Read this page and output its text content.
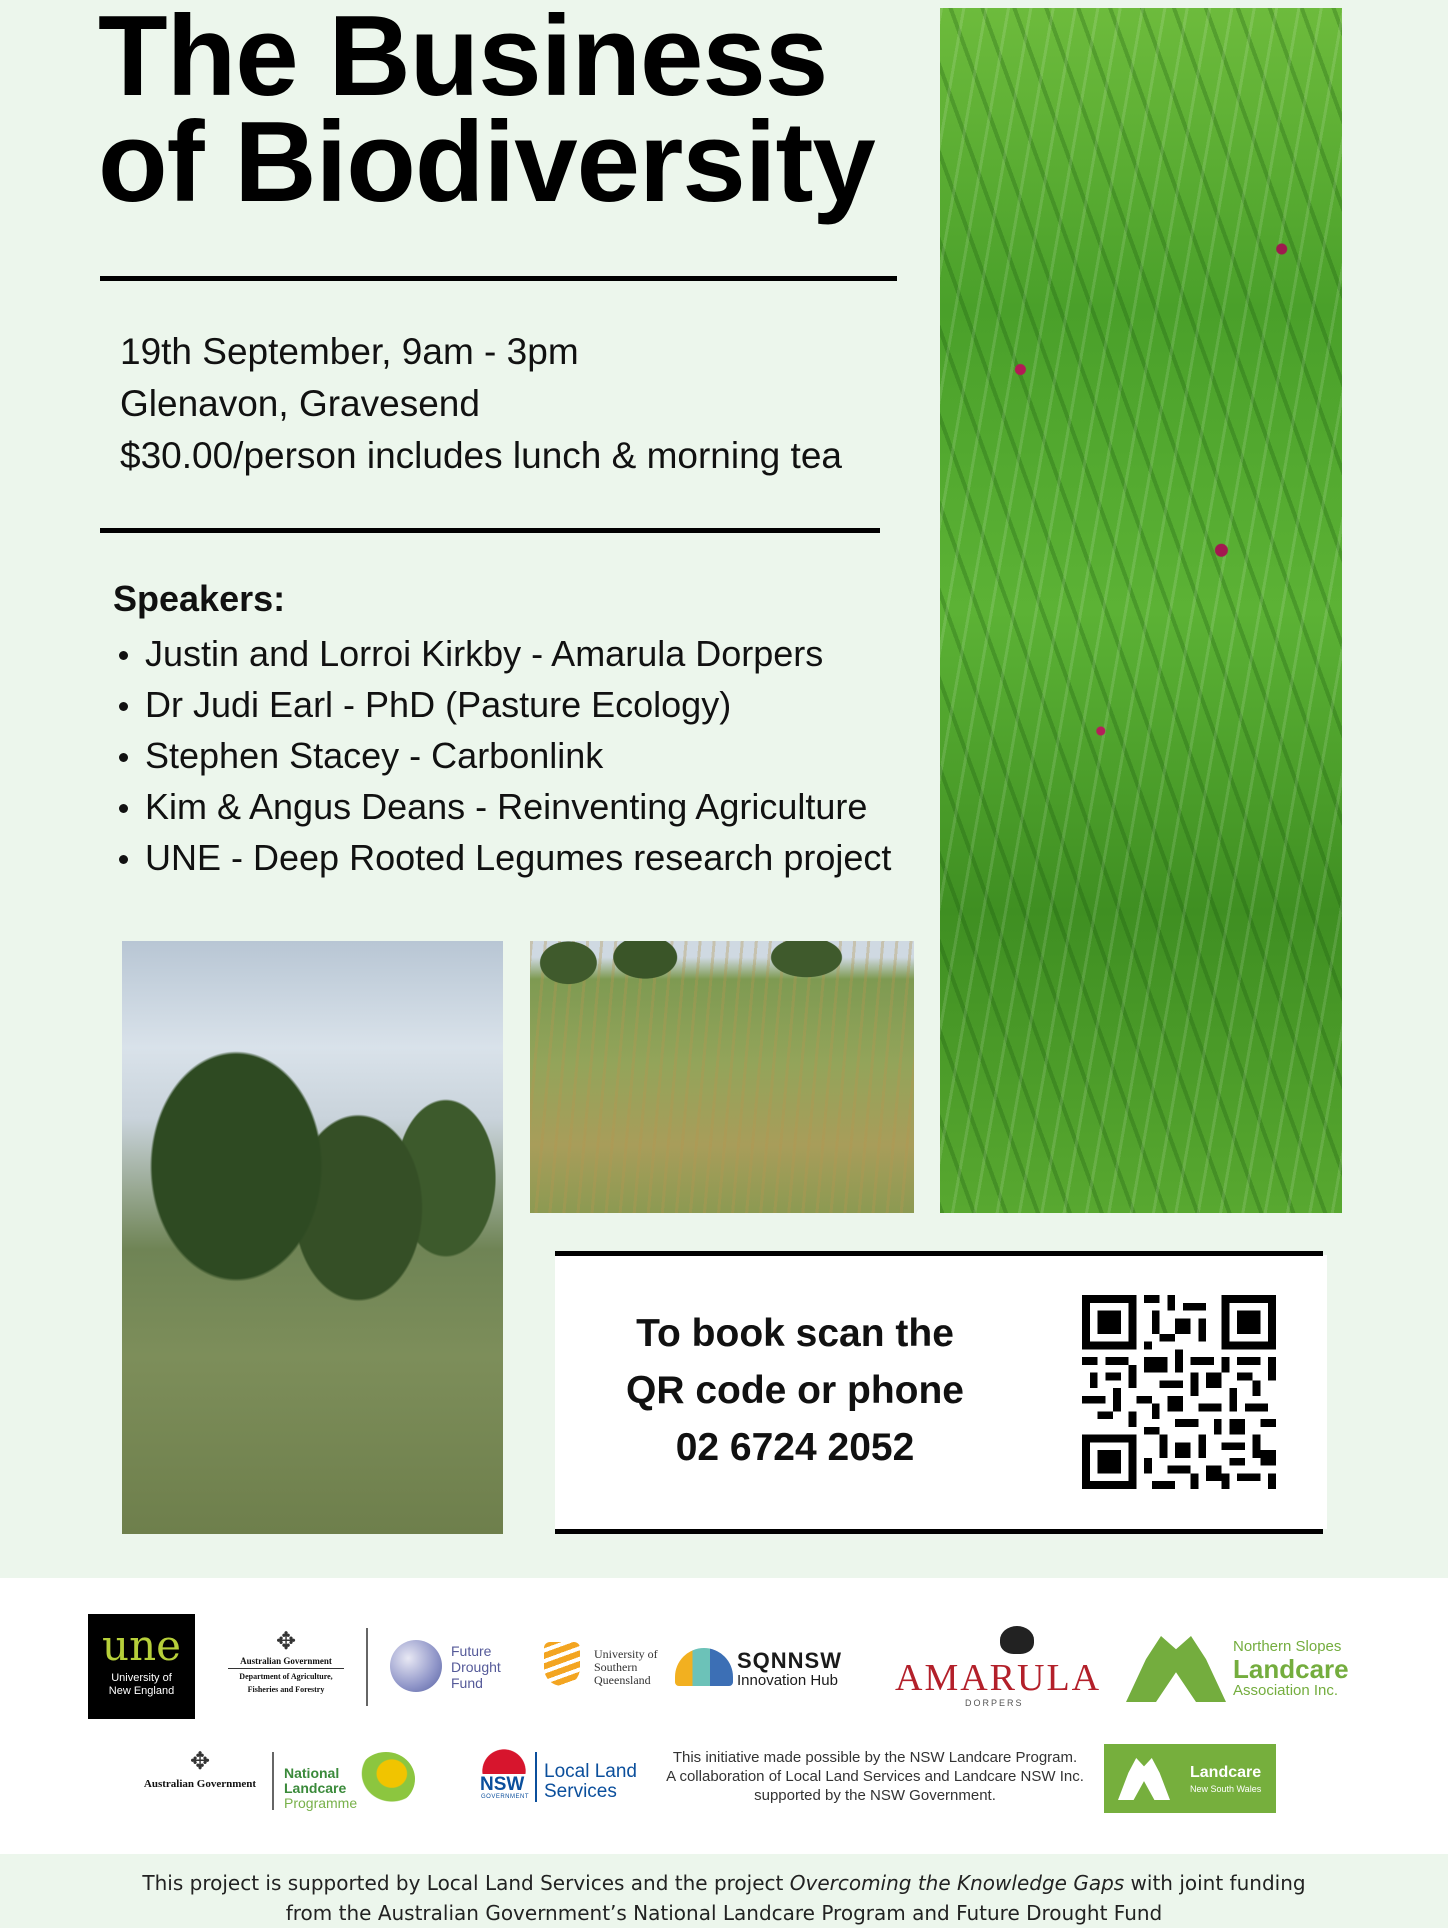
The Business
of Biodiversity
19th September, 9am - 3pm
Glenavon, Gravesend
$30.00/person includes lunch & morning tea
Speakers:
Justin and Lorroi Kirkby - Amarula Dorpers
Dr Judi Earl - PhD (Pasture Ecology)
Stephen Stacey - Carbonlink
Kim & Angus Deans - Reinventing Agriculture
UNE - Deep Rooted Legumes research project
To book scan the
QR code or phone
02 6724 2052
une
University of
New England
✥
Australian Government
Department of Agriculture,
Fisheries and Forestry
Future
Drought
Fund
University of
Southern
Queensland
SQNNSW
Innovation Hub AMARULA
DORPERS
Northern Slopes
Landcare
Association Inc.
✥
Australian Government
National
Landcare
Programme
NSW
GOVERNMENT
Local Land
Services
This initiative made possible by the NSW Landcare Program.
A collaboration of Local Land Services and Landcare NSW Inc.
supported by the NSW Government.
Landcare
New South Wales
This project is supported by Local Land Services and the project Overcoming the Knowledge Gaps with joint funding
from the Australian Government’s National Landcare Program and Future Drought Fund
